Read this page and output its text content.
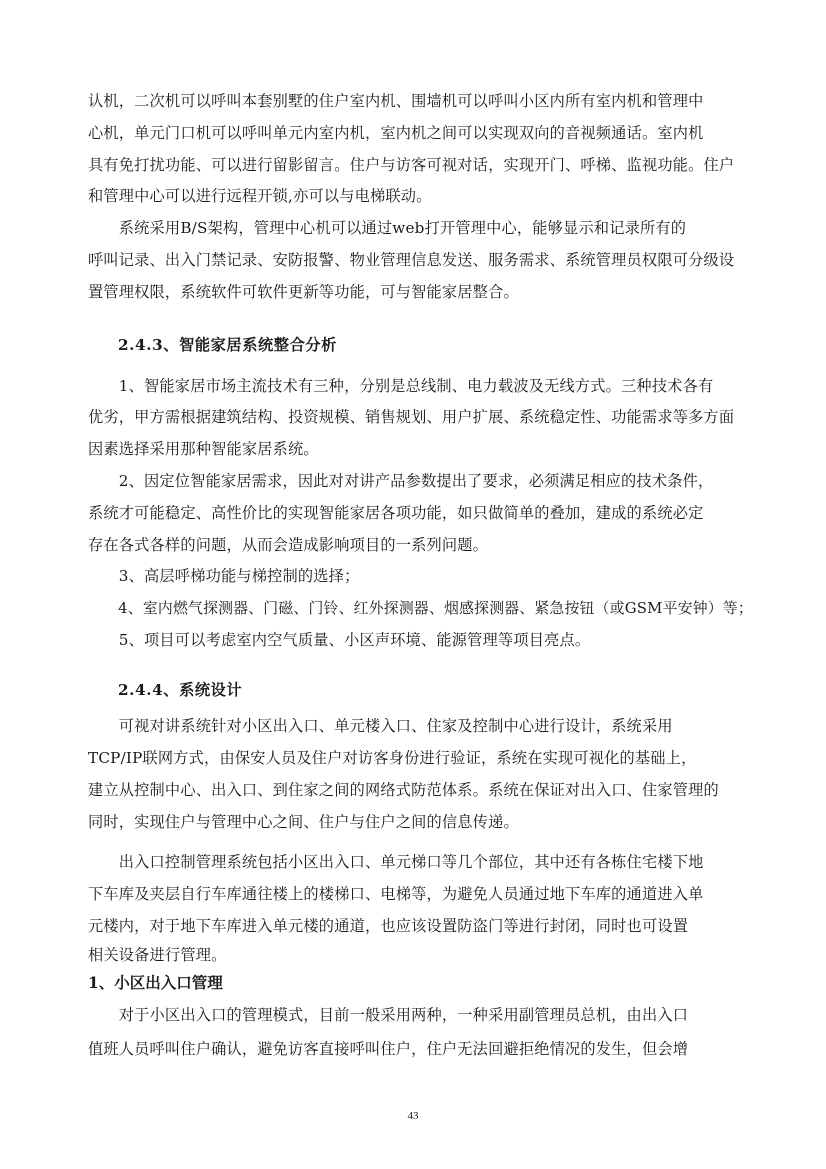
认机，二次机可以呼叫本套别墅的住户室内机、围墙机可以呼叫小区内所有室内机和管理中
心机，单元门口机可以呼叫单元内室内机，室内机之间可以实现双向的音视频通话。室内机
具有免打扰功能、可以进行留影留言。住户与访客可视对话，实现开门、呼梯、监视功能。住户
和管理中心可以进行远程开锁,亦可以与电梯联动。
　　系统采用B/S架构，管理中心机可以通过web打开管理中心，能够显示和记录所有的
呼叫记录、出入门禁记录、安防报警、物业管理信息发送、服务需求、系统管理员权限可分级设
置管理权限，系统软件可软件更新等功能，可与智能家居整合。
2.4.3、智能家居系统整合分析
　　1、智能家居市场主流技术有三种，分别是总线制、电力载波及无线方式。三种技术各有
优劣，甲方需根据建筑结构、投资规模、销售规划、用户扩展、系统稳定性、功能需求等多方面
因素选择采用那种智能家居系统。
　　2、因定位智能家居需求，因此对对讲产品参数提出了要求，必须满足相应的技术条件，
系统才可能稳定、高性价比的实现智能家居各项功能，如只做简单的叠加，建成的系统必定
存在各式各样的问题，从而会造成影响项目的一系列问题。
　　3、高层呼梯功能与梯控制的选择；
　　4、室内燃气探测器、门磁、门铃、红外探测器、烟感探测器、紧急按钮（或GSM平安钟）等；
　　5、项目可以考虑室内空气质量、小区声环境、能源管理等项目亮点。
2.4.4、系统设计
　　可视对讲系统针对小区出入口、单元楼入口、住家及控制中心进行设计，系统采用
TCP/IP联网方式，由保安人员及住户对访客身份进行验证，系统在实现可视化的基础上，
建立从控制中心、出入口、到住家之间的网络式防范体系。系统在保证对出入口、住家管理的
同时，实现住户与管理中心之间、住户与住户之间的信息传递。
　　出入口控制管理系统包括小区出入口、单元梯口等几个部位，其中还有各栋住宅楼下地
下车库及夹层自行车库通往楼上的楼梯口、电梯等，为避免人员通过地下车库的通道进入单
元楼内，对于地下车库进入单元楼的通道，也应该设置防盗门等进行封闭，同时也可设置
相关设备进行管理。
1、小区出入口管理
　　对于小区出入口的管理模式，目前一般采用两种，一种采用副管理员总机，由出入口
值班人员呼叫住户确认，避免访客直接呼叫住户，住户无法回避拒绝情况的发生，但会增
43
